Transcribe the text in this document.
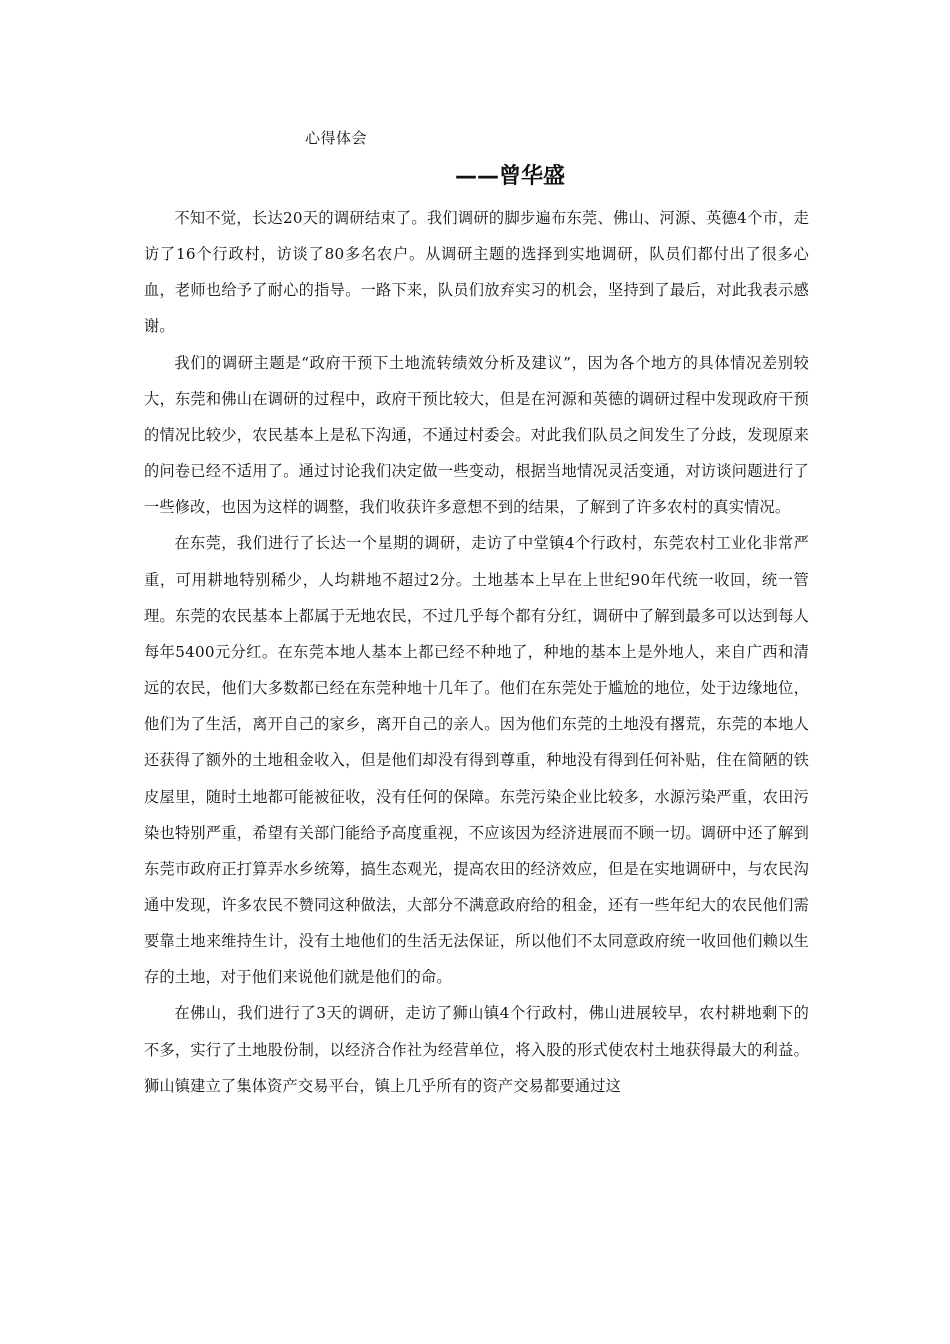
心得体会
——曾华盛

不知不觉，长达20天的调研结束了。我们调研的脚步遍布东莞、佛山、河源、英德4个市，走访了16个行政村，访谈了80多名农户。从调研主题的选择到实地调研，队员们都付出了很多心血，老师也给予了耐心的指导。一路下来，队员们放弃实习的机会，坚持到了最后，对此我表示感谢。

我们的调研主题是“政府干预下土地流转绩效分析及建议”，因为各个地方的具体情况差别较大，东莞和佛山在调研的过程中，政府干预比较大，但是在河源和英德的调研过程中发现政府干预的情况比较少，农民基本上是私下沟通，不通过村委会。对此我们队员之间发生了分歧，发现原来的问卷已经不适用了。通过讨论我们决定做一些变动，根据当地情况灵活变通，对访谈问题进行了一些修改，也因为这样的调整，我们收获许多意想不到的结果，了解到了许多农村的真实情况。

在东莞，我们进行了长达一个星期的调研，走访了中堂镇4个行政村，东莞农村工业化非常严重，可用耕地特别稀少，人均耕地不超过2分。土地基本上早在上世纪90年代统一收回，统一管理。东莞的农民基本上都属于无地农民，不过几乎每个都有分红，调研中了解到最多可以达到每人每年5400元分红。在东莞本地人基本上都已经不种地了，种地的基本上是外地人，来自广西和清远的农民，他们大多数都已经在东莞种地十几年了。他们在东莞处于尴尬的地位，处于边缘地位，他们为了生活，离开自己的家乡，离开自己的亲人。因为他们东莞的土地没有撂荒，东莞的本地人还获得了额外的土地租金收入，但是他们却没有得到尊重，种地没有得到任何补贴，住在简陋的铁皮屋里，随时土地都可能被征收，没有任何的保障。东莞污染企业比较多，水源污染严重，农田污染也特别严重，希望有关部门能给予高度重视，不应该因为经济进展而不顾一切。调研中还了解到东莞市政府正打算弄水乡统筹，搞生态观光，提高农田的经济效应，但是在实地调研中，与农民沟通中发现，许多农民不赞同这种做法，大部分不满意政府给的租金，还有一些年纪大的农民他们需要靠土地来维持生计，没有土地他们的生活无法保证，所以他们不太同意政府统一收回他们赖以生存的土地，对于他们来说他们就是他们的命。

在佛山，我们进行了3天的调研，走访了狮山镇4个行政村，佛山进展较早，农村耕地剩下的不多，实行了土地股份制，以经济合作社为经营单位，将入股的形式使农村土地获得最大的利益。狮山镇建立了集体资产交易平台，镇上几乎所有的资产交易都要通过这
